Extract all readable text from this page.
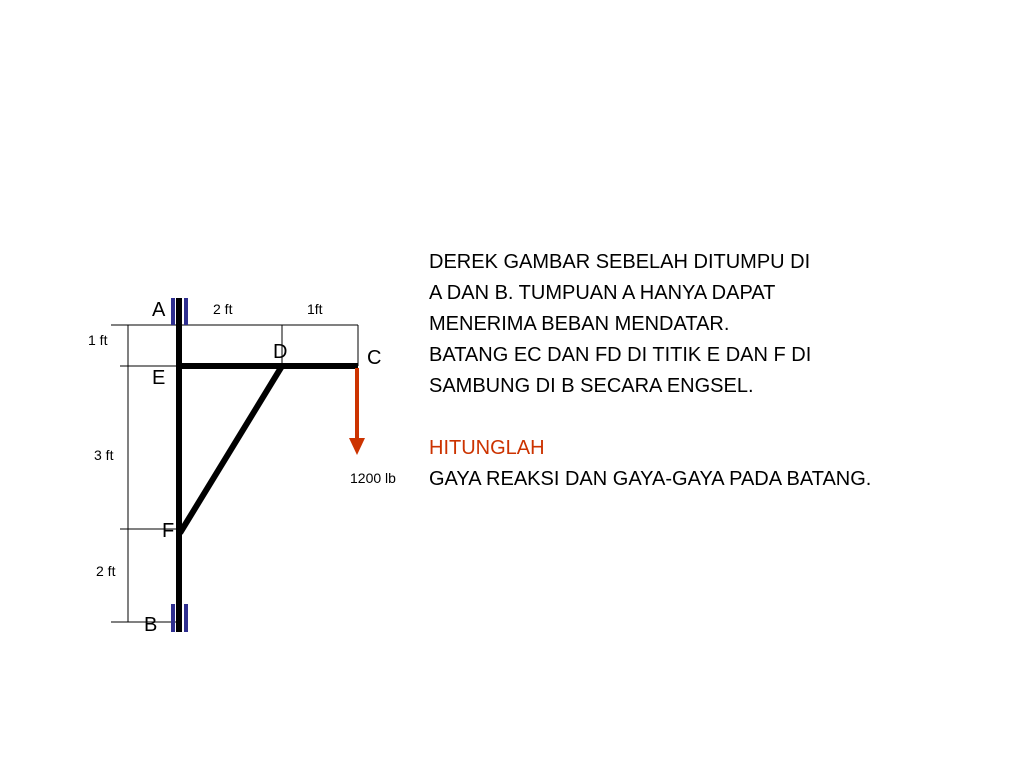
A
E
D	C
F
B
2 ft	1ft
1 ft
3 ft
2 ft
1200 lb
DEREK GAMBAR SEBELAH DITUMPU DI
A DAN B. TUMPUAN A HANYA DAPAT
MENERIMA BEBAN MENDATAR.
BATANG EC DAN FD DI TITIK E DAN F DI
SAMBUNG DI B SECARA ENGSEL.
HITUNGLAH
GAYA REAKSI DAN GAYA-GAYA PADA BATANG.
